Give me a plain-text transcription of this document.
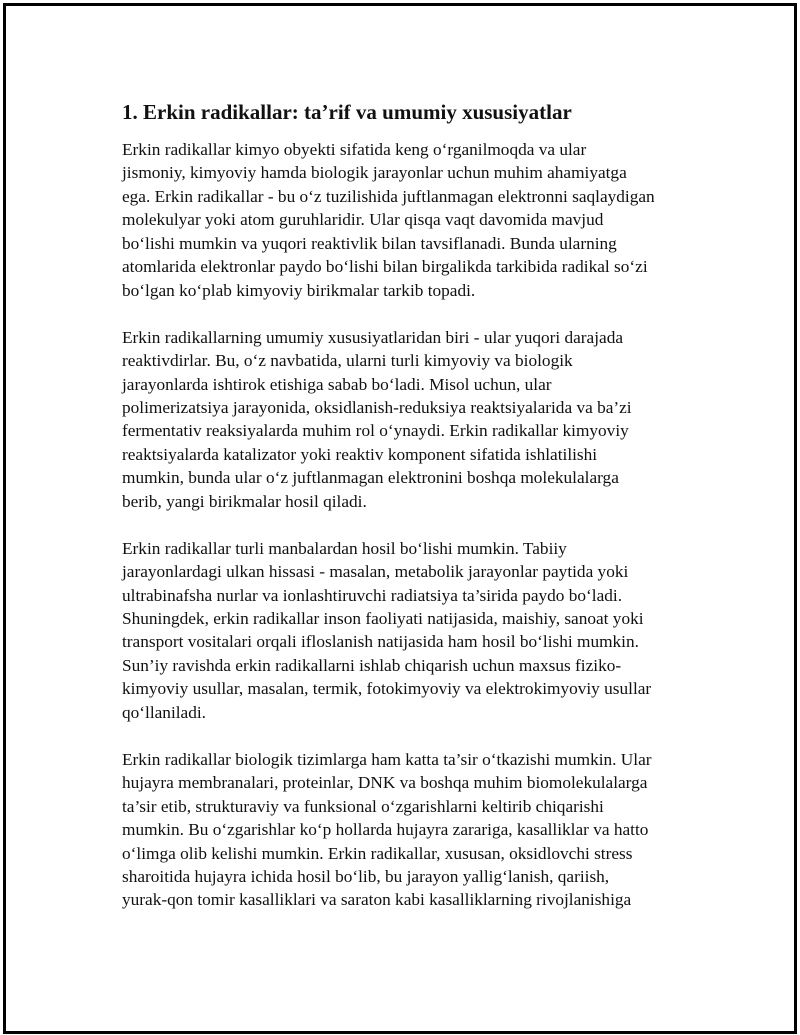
1. Erkin radikallar: ta’rif va umumiy xususiyatlar

Erkin radikallar kimyo obyekti sifatida keng o‘rganilmoqda va ular
jismoniy, kimyoviy hamda biologik jarayonlar uchun muhim ahamiyatga
ega. Erkin radikallar - bu o‘z tuzilishida juftlanmagan elektronni saqlaydigan
molekulyar yoki atom guruhlaridir. Ular qisqa vaqt davomida mavjud
bo‘lishi mumkin va yuqori reaktivlik bilan tavsiflanadi. Bunda ularning
atomlarida elektronlar paydo bo‘lishi bilan birgalikda tarkibida radikal so‘zi
bo‘lgan ko‘plab kimyoviy birikmalar tarkib topadi.

Erkin radikallarning umumiy xususiyatlaridan biri - ular yuqori darajada
reaktivdirlar. Bu, o‘z navbatida, ularni turli kimyoviy va biologik
jarayonlarda ishtirok etishiga sabab bo‘ladi. Misol uchun, ular
polimerizatsiya jarayonida, oksidlanish-reduksiya reaktsiyalarida va ba’zi
fermentativ reaksiyalarda muhim rol o‘ynaydi. Erkin radikallar kimyoviy
reaktsiyalarda katalizator yoki reaktiv komponent sifatida ishlatilishi
mumkin, bunda ular o‘z juftlanmagan elektronini boshqa molekulalarga
berib, yangi birikmalar hosil qiladi.

Erkin radikallar turli manbalardan hosil bo‘lishi mumkin. Tabiiy
jarayonlardagi ulkan hissasi - masalan, metabolik jarayonlar paytida yoki
ultrabinafsha nurlar va ionlashtiruvchi radiatsiya ta’sirida paydo bo‘ladi.
Shuningdek, erkin radikallar inson faoliyati natijasida, maishiy, sanoat yoki
transport vositalari orqali ifloslanish natijasida ham hosil bo‘lishi mumkin.
Sun’iy ravishda erkin radikallarni ishlab chiqarish uchun maxsus fiziko-
kimyoviy usullar, masalan, termik, fotokimyoviy va elektrokimyoviy usullar
qo‘llaniladi.

Erkin radikallar biologik tizimlarga ham katta ta’sir o‘tkazishi mumkin. Ular
hujayra membranalari, proteinlar, DNK va boshqa muhim biomolekulalarga
ta’sir etib, strukturaviy va funksional o‘zgarishlarni keltirib chiqarishi
mumkin. Bu o‘zgarishlar ko‘p hollarda hujayra zarariga, kasalliklar va hatto
o‘limga olib kelishi mumkin. Erkin radikallar, xususan, oksidlovchi stress
sharoitida hujayra ichida hosil bo‘lib, bu jarayon yallig‘lanish, qariish,
yurak-qon tomir kasalliklari va saraton kabi kasalliklarning rivojlanishiga
